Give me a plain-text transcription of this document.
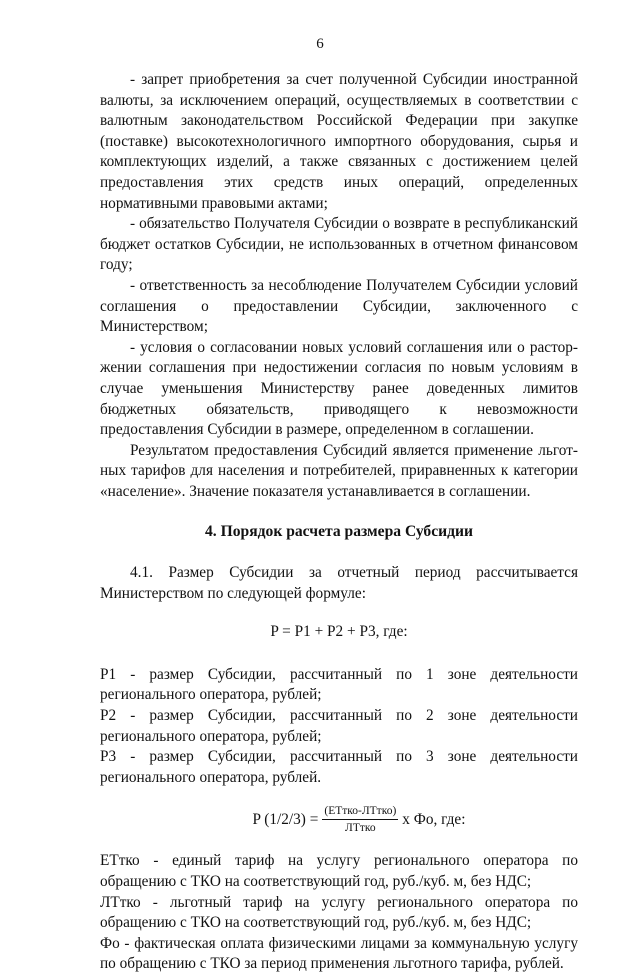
6

- запрет приобретения за счет полученной Субсидии иностранной валюты, за исключением операций, осуществляемых в соответствии с валютным законодательством Российской Федерации при закупке (поставке) высокотехнологичного импортного оборудования, сырья и комплектующих изделий, а также связанных с достижением целей предоставления этих средств иных операций, определенных нормативными правовыми актами;

- обязательство Получателя Субсидии о возврате в республиканский бюджет остатков Субсидии, не использованных в отчетном финансовом году;

- ответственность за несоблюдение Получателем Субсидии условий соглашения о предоставлении Субсидии, заключенного с Министерством;

- условия о согласовании новых условий соглашения или о расторжении соглашения при недостижении согласия по новым условиям в случае уменьшения Министерству ранее доведенных лимитов бюджетных обязательств, приводящего к невозможности предоставления Субсидии в размере, определенном в соглашении.

Результатом предоставления Субсидий является применение льготных тарифов для населения и потребителей, приравненных к категории «население». Значение показателя устанавливается в соглашении.

4. Порядок расчета размера Субсидии

4.1. Размер Субсидии за отчетный период рассчитывается Министерством по следующей формуле:

P = P1 + P2 + P3, где:

P1 - размер Субсидии, рассчитанный по 1 зоне деятельности регионального оператора, рублей;

P2 - размер Субсидии, рассчитанный по 2 зоне деятельности регионального оператора, рублей;

P3 - размер Субсидии, рассчитанный по 3 зоне деятельности регионального оператора, рублей.

P $(1/2/3) = \frac{\text{(ЕТтко-ЛТтко)}}{\text{ЛТтко}}$ х Фо, где:

ЕТтко - единый тариф на услугу регионального оператора по обращению с ТКО на соответствующий год, руб./куб. м, без НДС;

ЛТтко - льготный тариф на услугу регионального оператора по обращению с ТКО на соответствующий год, руб./куб. м, без НДС;

Фо - фактическая оплата физическими лицами за коммунальную услугу по обращению с ТКО за период применения льготного тарифа, рублей.
